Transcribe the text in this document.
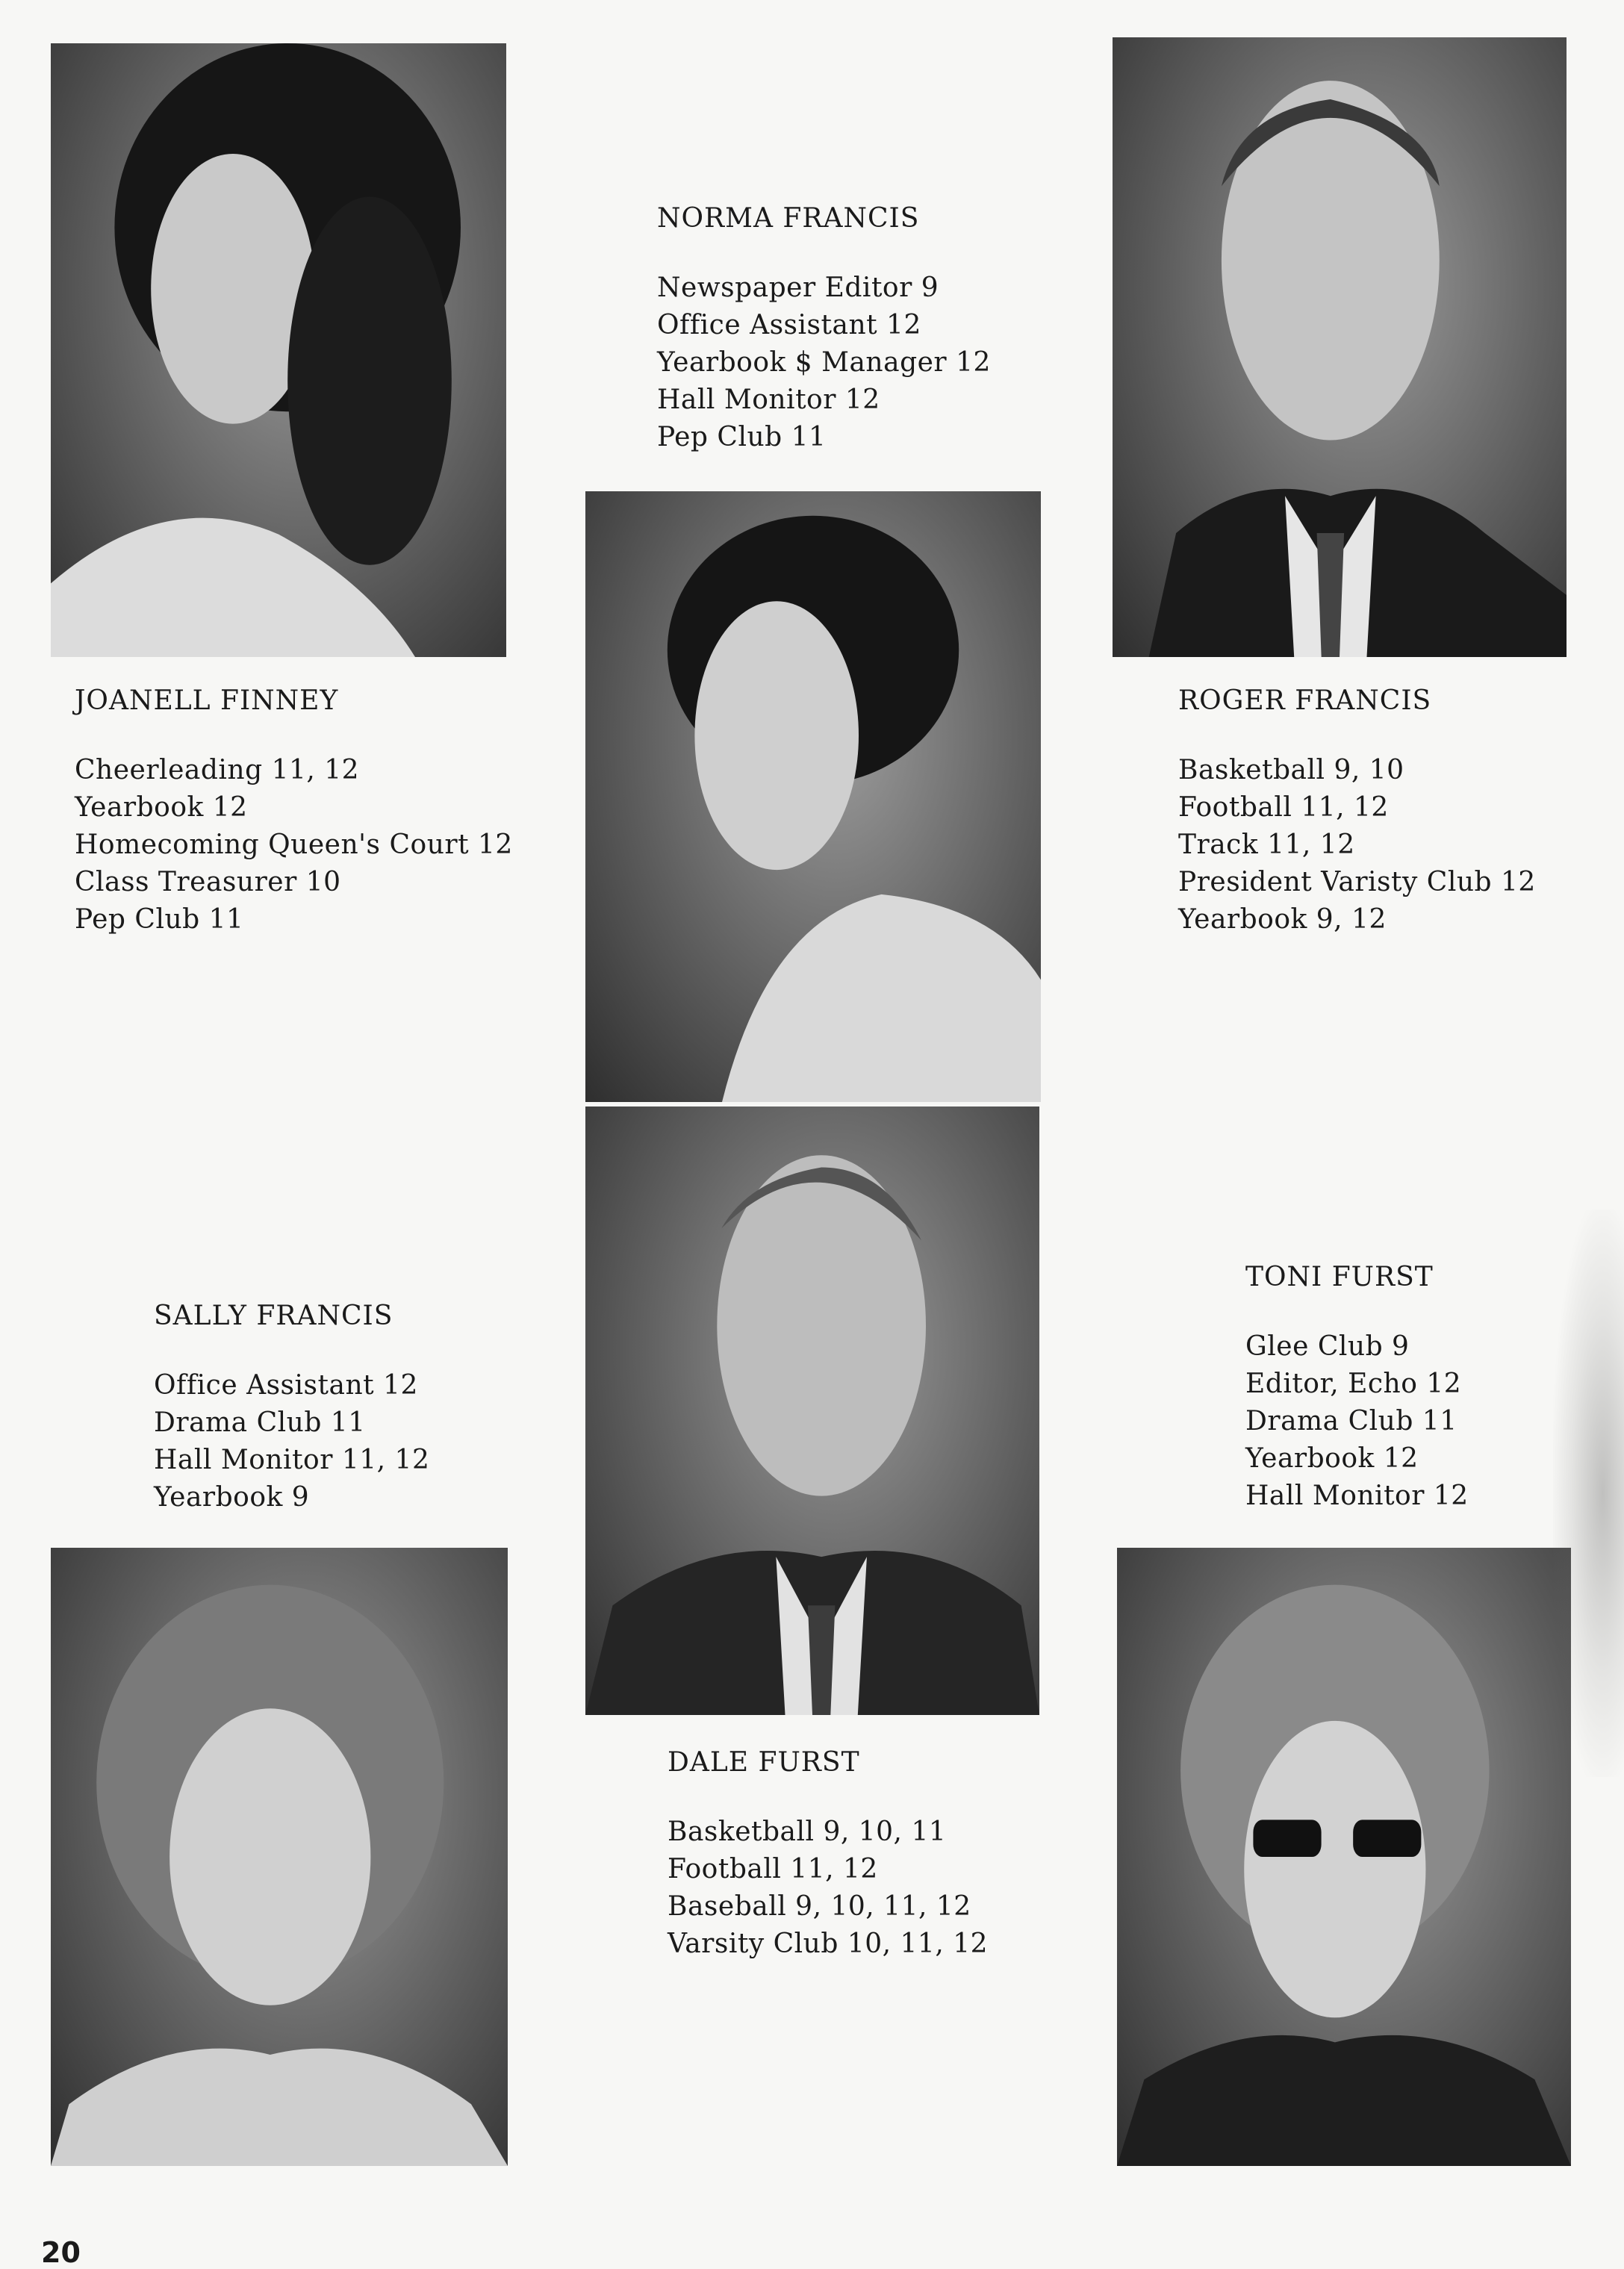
JOANELL FINNEY
Cheerleading 11, 12
Yearbook 12
Homecoming Queen's Court 12
Class Treasurer 10
Pep Club 11
NORMA FRANCIS
Newspaper Editor 9
Office Assistant 12
Yearbook $ Manager 12
Hall Monitor 12
Pep Club 11
ROGER FRANCIS
Basketball 9, 10
Football 11, 12
Track 11, 12
President Varisty Club 12
Yearbook 9, 12
SALLY FRANCIS
Office Assistant 12
Drama Club 11
Hall Monitor 11, 12
Yearbook 9
DALE FURST
Basketball 9, 10, 11
Football 11, 12
Baseball 9, 10, 11, 12
Varsity Club 10, 11, 12
TONI FURST
Glee Club 9
Editor, Echo 12
Drama Club 11
Yearbook 12
Hall Monitor 12
20
